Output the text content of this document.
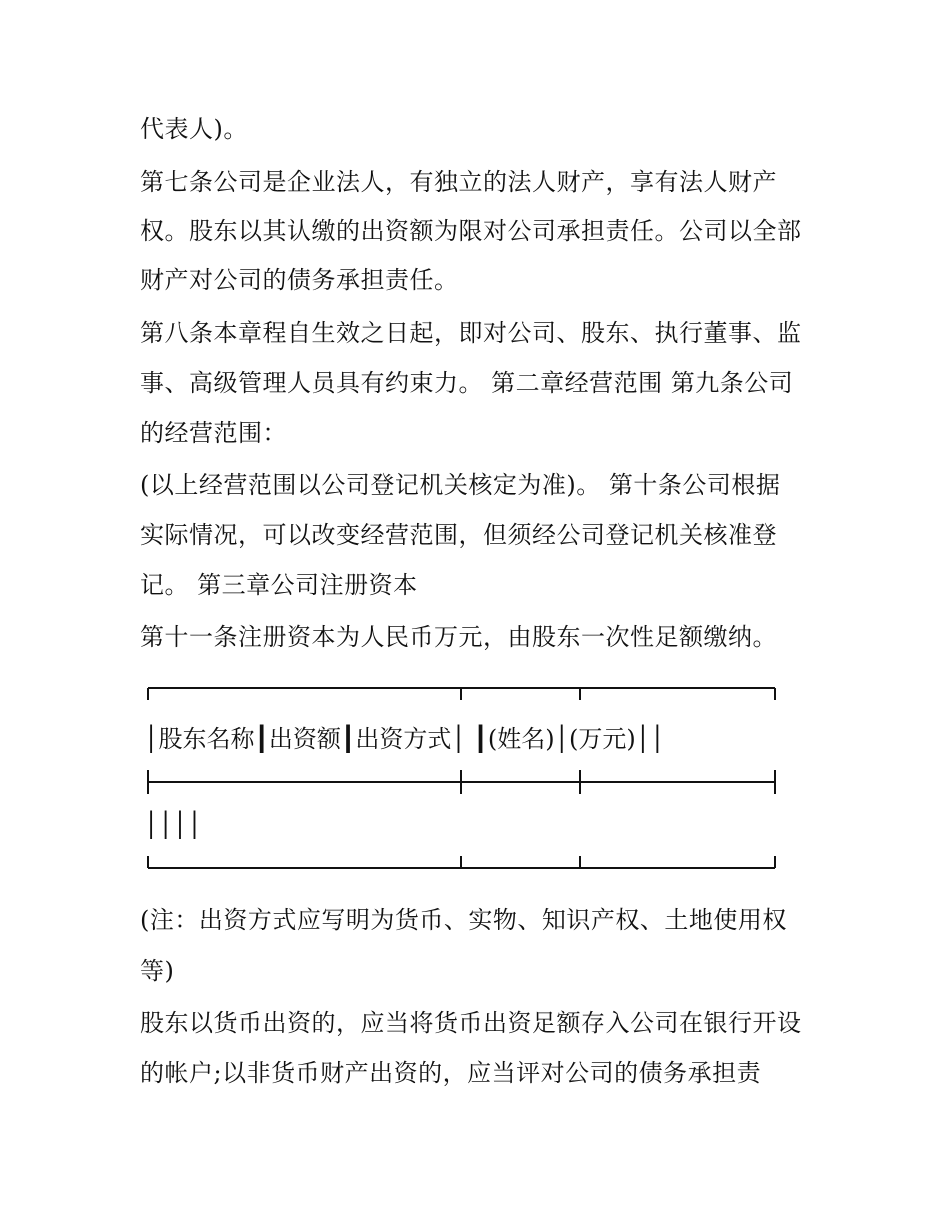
代表人)。
第七条公司是企业法人，有独立的法人财产，享有法人财产
权。股东以其认缴的出资额为限对公司承担责任。公司以全部
财产对公司的债务承担责任。
第八条本章程自生效之日起，即对公司、股东、执行董事、监
事、高级管理人员具有约束力。 第二章经营范围 第九条公司
的经营范围：
(以上经营范围以公司登记机关核定为准)。 第十条公司根据
实际情况，可以改变经营范围，但须经公司登记机关核准登
记。 第三章公司注册资本
第十一条注册资本为人民币万元，由股东一次性足额缴纳。
│股东名称┃出资额┃出资方式│ ┃(姓名)│(万元)││
││││
(注：出资方式应写明为货币、实物、知识产权、土地使用权
等)
股东以货币出资的，应当将货币出资足额存入公司在银行开设
的帐户;以非货币财产出资的，应当评对公司的债务承担责
